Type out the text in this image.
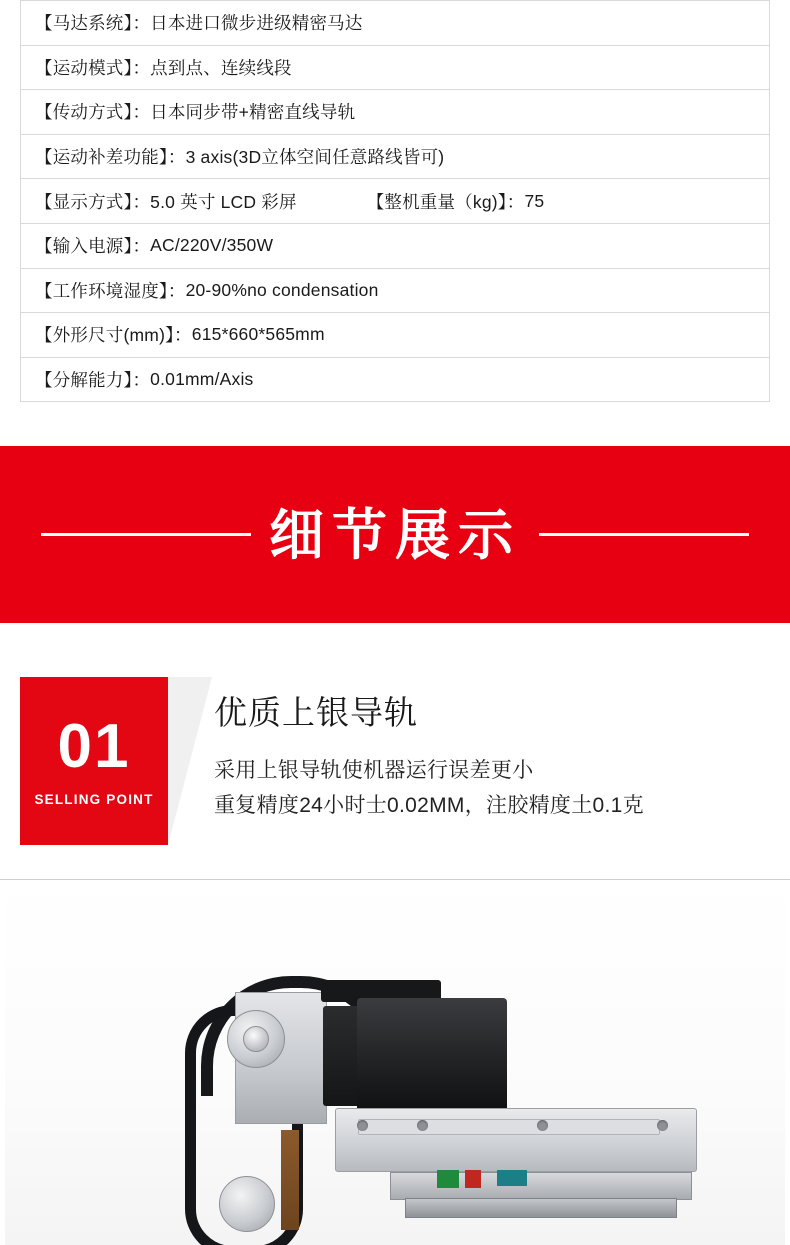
【马达系统】： 日本进口微步进级精密马达

【运动模式】： 点到点、连续线段

【传动方式】： 日本同步带+精密直线导轨

【运动补差功能】： 3 axis(3D立体空间任意路线皆可)

【显示方式】： 5.0 英寸 LCD 彩屏	【整机重量（kg)】： 75

【输入电源】： AC/220V/350W

【工作环境湿度】： 20-90%no condensation

【外形尺寸(mm)】： 615*660*565mm

【分解能力】： 0.01mm/Axis
细节展示
01
SELLING POINT
优质上银导轨
采用上银导轨使机器运行误差更小
重复精度24小时士0.02MM，注胶精度土0.1克
